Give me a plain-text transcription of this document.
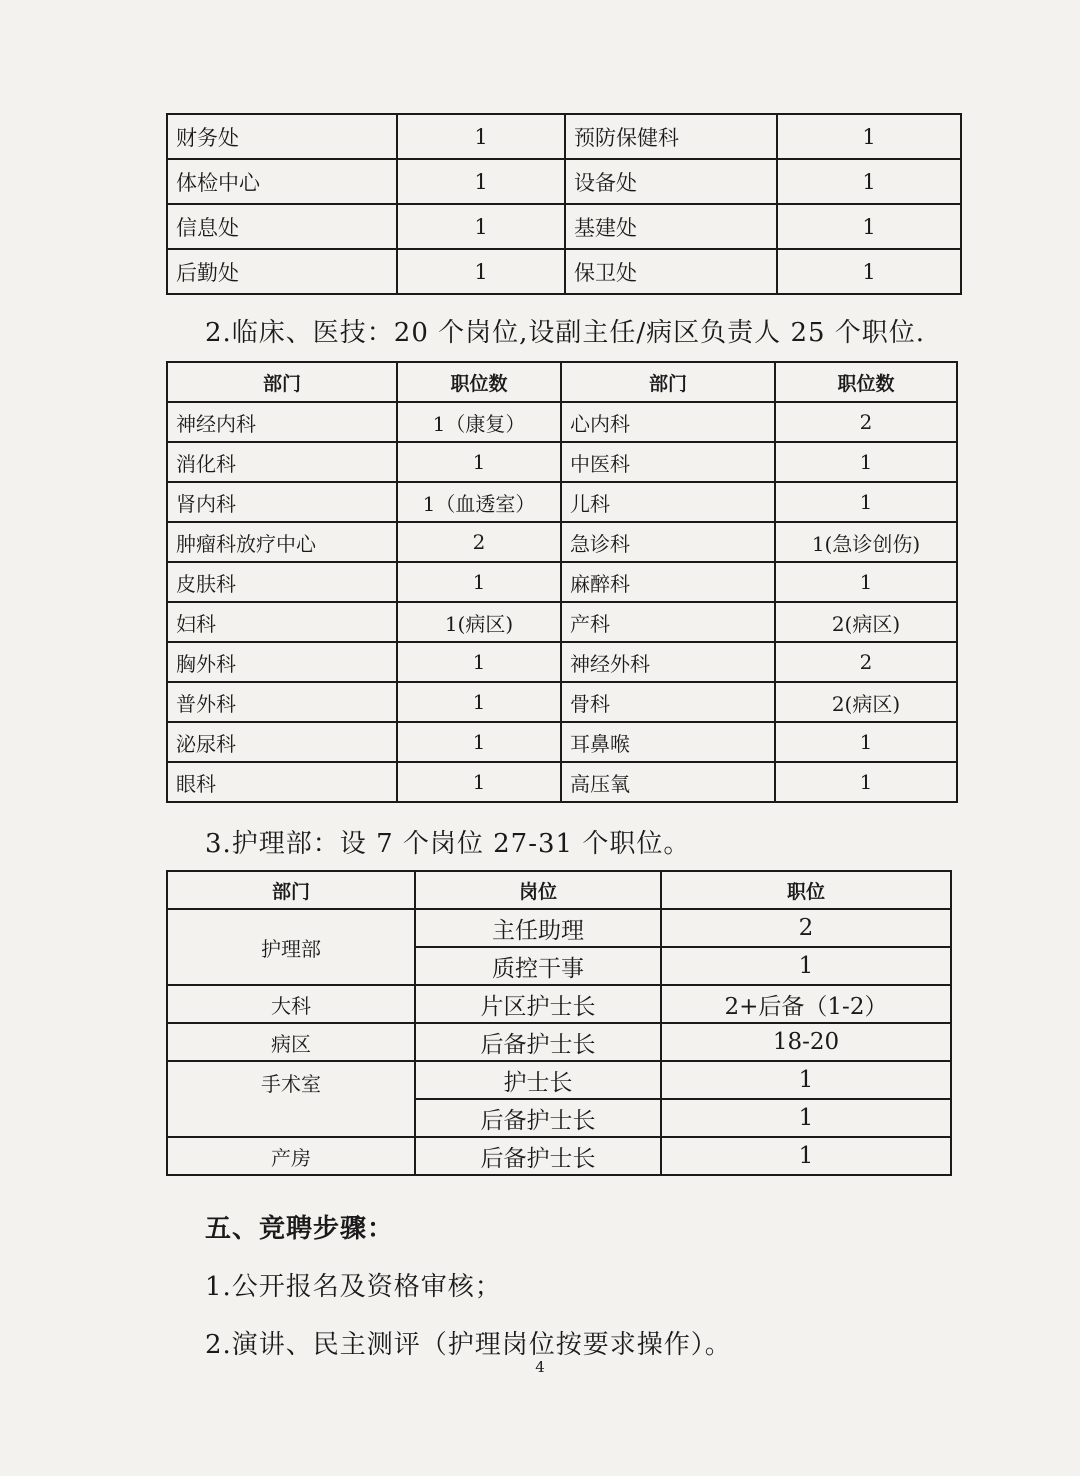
财务处	1	预防保健科	1
体检中心	1	设备处	1
信息处	1	基建处	1
后勤处	1	保卫处	1
2.临床、医技：20 个岗位,设副主任/病区负责人 25 个职位.
部门	职位数	部门	职位数
神经内科	1（康复）	心内科	2
消化科	1	中医科	1
肾内科	1（血透室）	儿科	1
肿瘤科放疗中心	2	急诊科	1(急诊创伤)
皮肤科	1	麻醉科	1
妇科	1(病区)	产科	2(病区)
胸外科	1	神经外科	2
普外科	1	骨科	2(病区)
泌尿科	1	耳鼻喉	1
眼科	1	高压氧	1
3.护理部：设 7 个岗位 27-31 个职位。
部门	岗位	职位
护理部	主任助理	2
	质控干事	1
大科	片区护士长	2+后备（1-2）
病区	后备护士长	18-20
手术室	护士长	1
	后备护士长	1
产房	后备护士长	1
五、竞聘步骤：
1.公开报名及资格审核；
2.演讲、民主测评（护理岗位按要求操作）。
4
